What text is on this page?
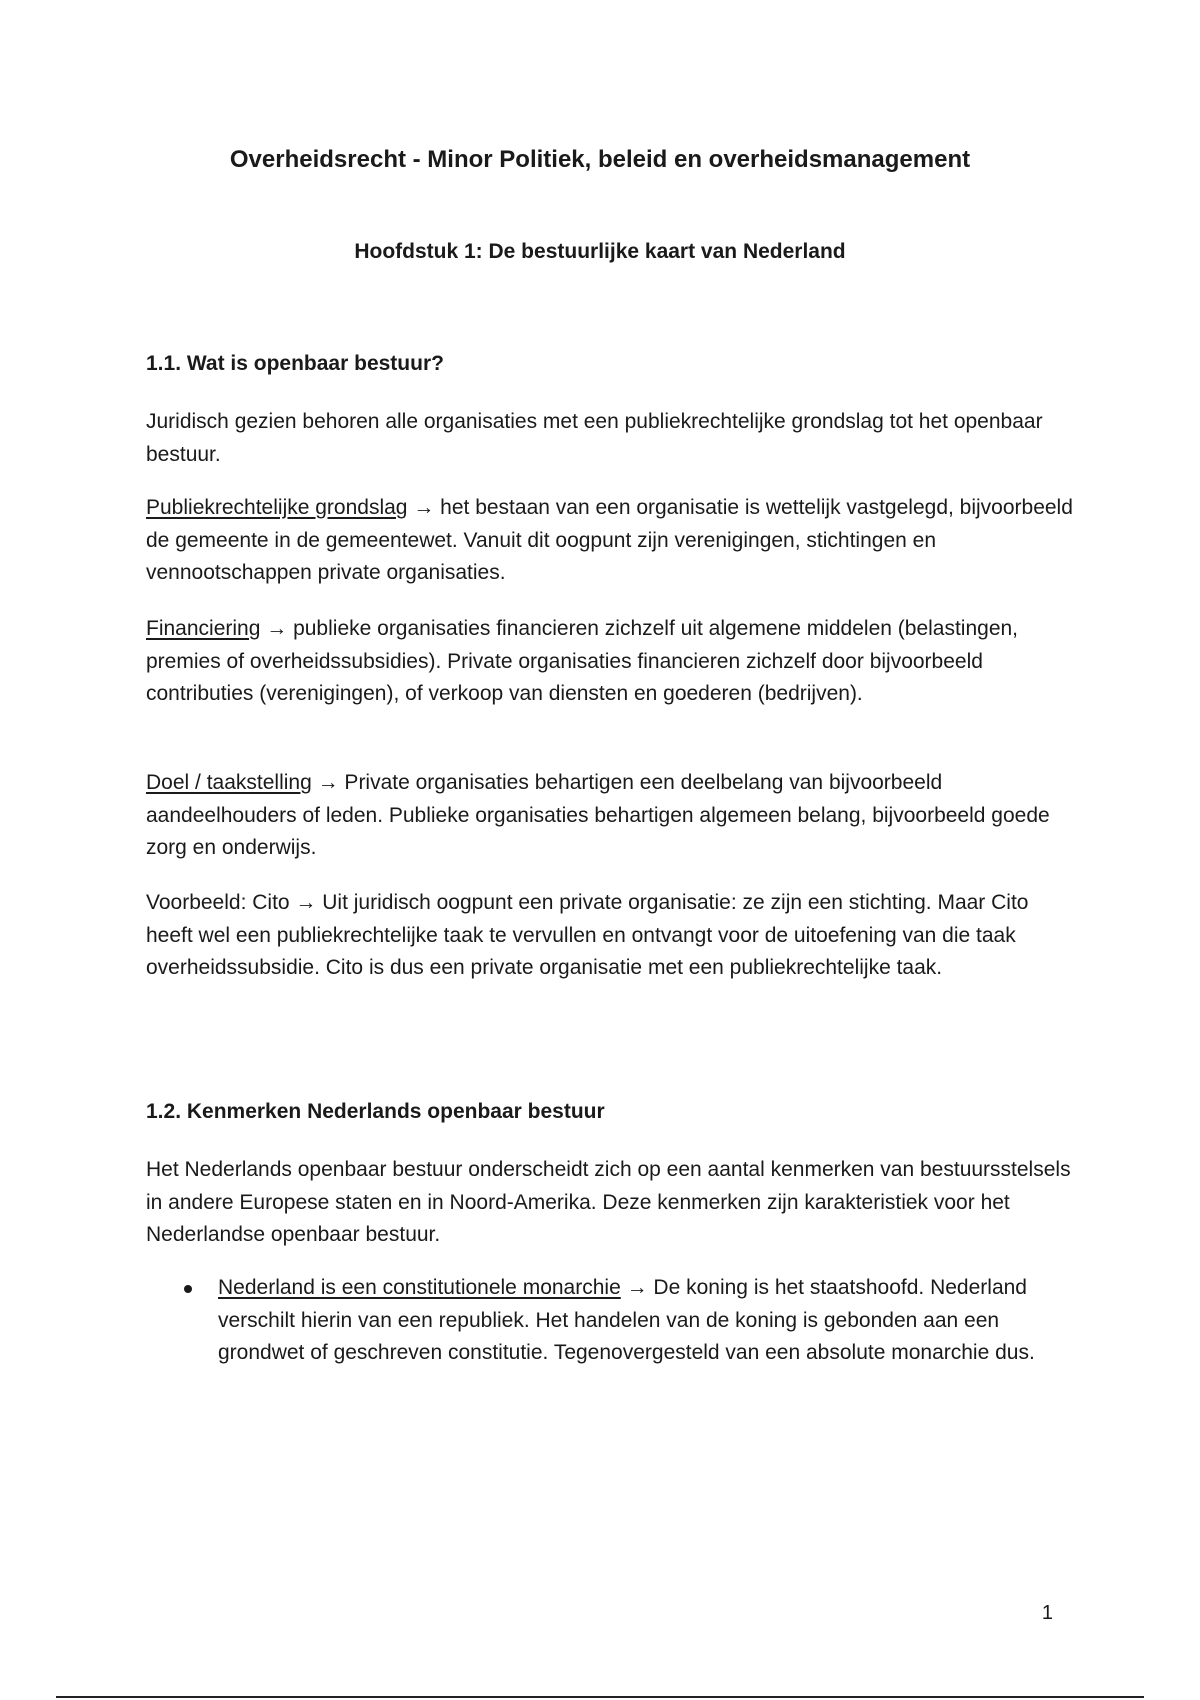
Overheidsrecht - Minor Politiek, beleid en overheidsmanagement
Hoofdstuk 1: De bestuurlijke kaart van Nederland
1.1. Wat is openbaar bestuur?

Juridisch gezien behoren alle organisaties met een publiekrechtelijke grondslag tot het openbaar bestuur.

Publiekrechtelijke grondslag → het bestaan van een organisatie is wettelijk vastgelegd, bijvoorbeeld de gemeente in de gemeentewet. Vanuit dit oogpunt zijn verenigingen, stichtingen en vennootschappen private organisaties.

Financiering → publieke organisaties financieren zichzelf uit algemene middelen (belastingen, premies of overheidssubsidies). Private organisaties financieren zichzelf door bijvoorbeeld contributies (verenigingen), of verkoop van diensten en goederen (bedrijven).

Doel / taakstelling → Private organisaties behartigen een deelbelang van bijvoorbeeld aandeelhouders of leden. Publieke organisaties behartigen algemeen belang, bijvoorbeeld goede zorg en onderwijs.

Voorbeeld: Cito → Uit juridisch oogpunt een private organisatie: ze zijn een stichting. Maar Cito heeft wel een publiekrechtelijke taak te vervullen en ontvangt voor de uitoefening van die taak overheidssubsidie. Cito is dus een private organisatie met een publiekrechtelijke taak.

1.2. Kenmerken Nederlands openbaar bestuur

Het Nederlands openbaar bestuur onderscheidt zich op een aantal kenmerken van bestuursstelsels in andere Europese staten en in Noord-Amerika. Deze kenmerken zijn karakteristiek voor het Nederlandse openbaar bestuur.

Nederland is een constitutionele monarchie → De koning is het staatshoofd. Nederland verschilt hierin van een republiek. Het handelen van de koning is gebonden aan een grondwet of geschreven constitutie. Tegenovergesteld van een absolute monarchie dus.

1
